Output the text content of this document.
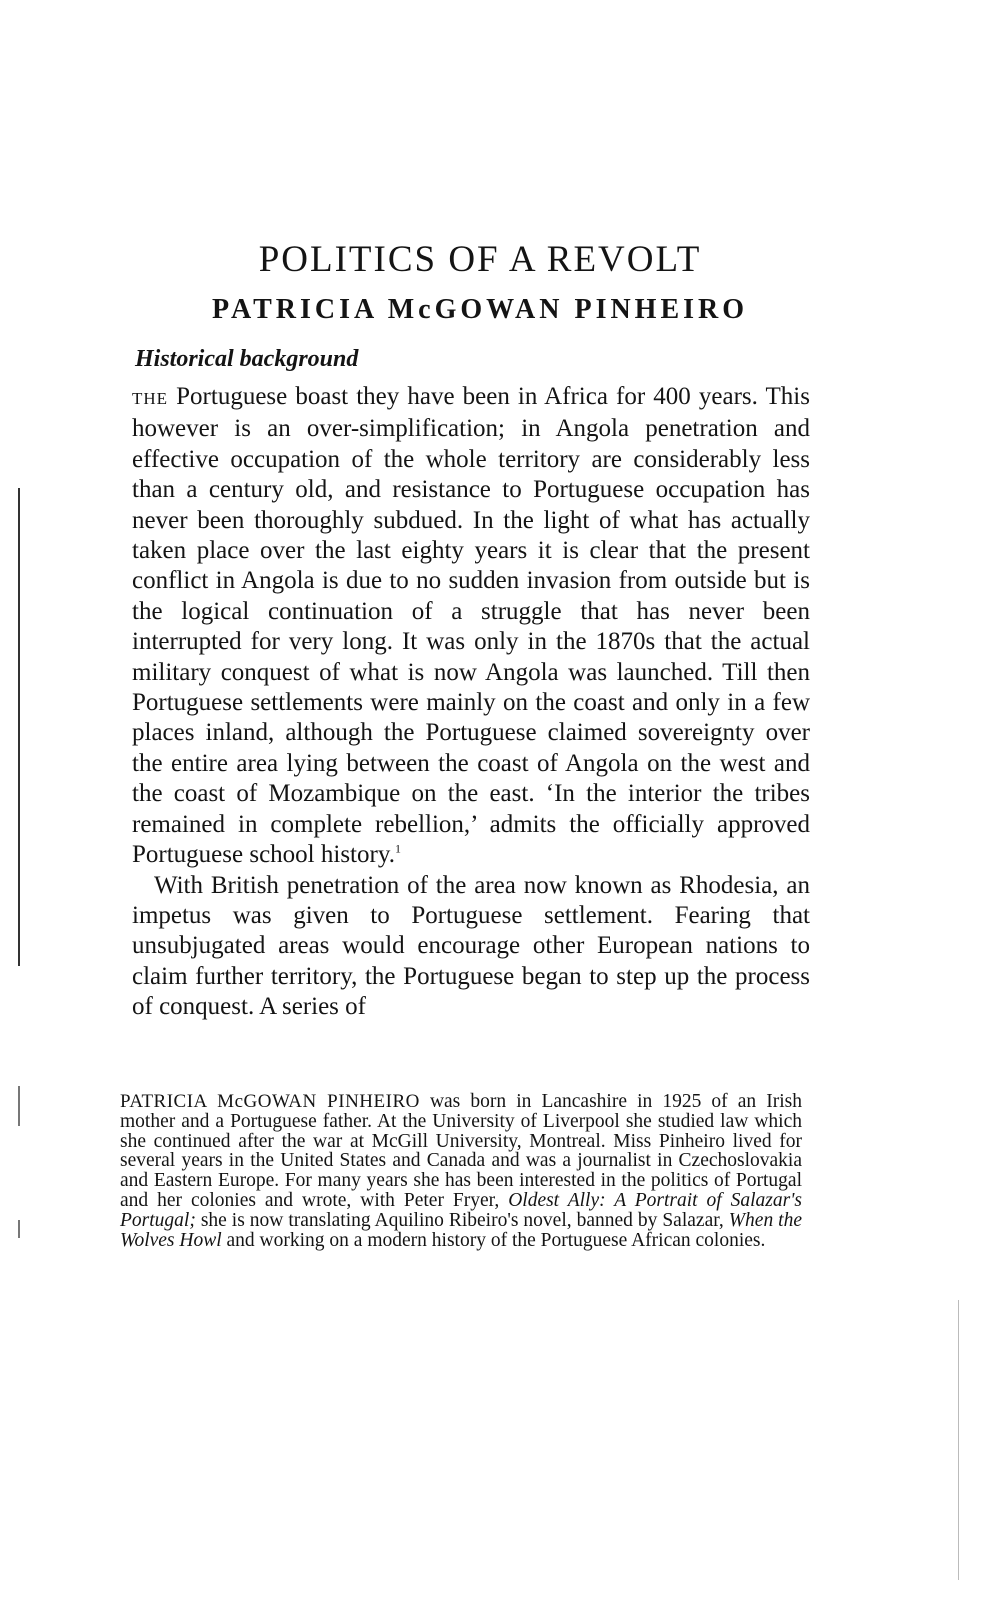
POLITICS OF A REVOLT
PATRICIA McGOWAN PINHEIRO
Historical background

THE Portuguese boast they have been in Africa for 400 years. This however is an over-simplification; in Angola penetration and effective occupation of the whole territory are considerably less than a century old, and resistance to Portuguese occupation has never been thoroughly subdued. In the light of what has actually taken place over the last eighty years it is clear that the present conflict in Angola is due to no sudden invasion from outside but is the logical continuation of a struggle that has never been interrupted for very long. It was only in the 1870s that the actual military conquest of what is now Angola was launched. Till then Portuguese settlements were mainly on the coast and only in a few places inland, although the Portuguese claimed sovereignty over the entire area lying between the coast of Angola on the west and the coast of Mozambique on the east. ‘In the interior the tribes remained in complete rebellion,’ admits the officially approved Portuguese school history.$^1$

With British penetration of the area now known as Rhodesia, an impetus was given to Portuguese settlement. Fearing that unsubjugated areas would encourage other European nations to claim further territory, the Portuguese began to step up the process of conquest. A series of

PATRICIA McGOWAN PINHEIRO was born in Lancashire in 1925 of an Irish mother and a Portuguese father. At the University of Liverpool she studied law which she continued after the war at McGill University, Montreal. Miss Pinheiro lived for several years in the United States and Canada and was a journalist in Czechoslovakia and Eastern Europe. For many years she has been interested in the politics of Portugal and her colonies and wrote, with Peter Fryer, Oldest Ally: A Portrait of Salazar's Portugal; she is now translating Aquilino Ribeiro's novel, banned by Salazar, When the Wolves Howl and working on a modern history of the Portuguese African colonies.
